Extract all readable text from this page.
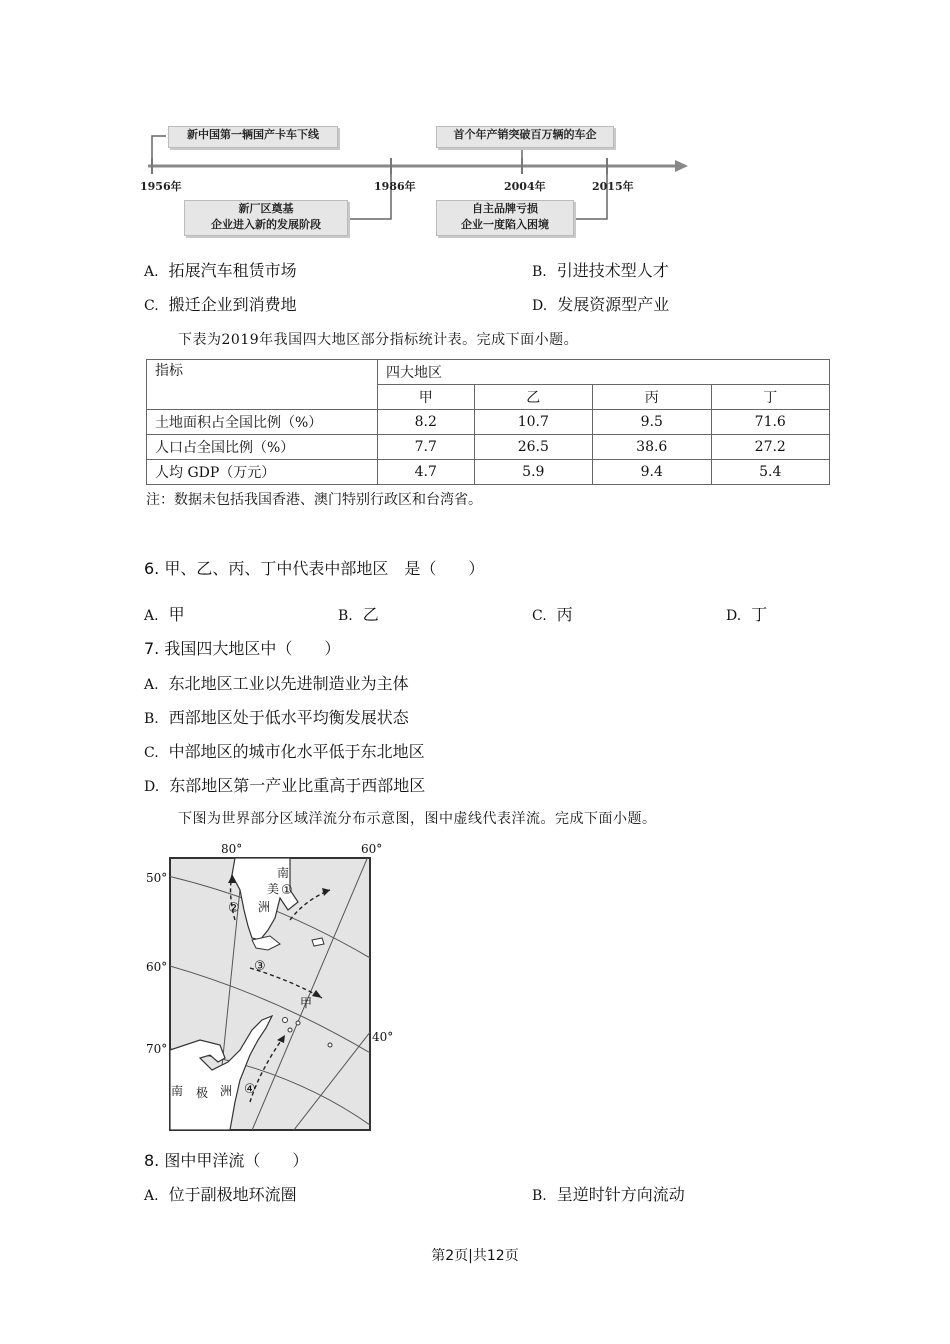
新中国第一辆国产卡车下线
新厂区奠基
企业进入新的发展阶段
首个年产销突破百万辆的车企
自主品牌亏损
企业一度陷入困境
1956年	1986年	2004年	2015年
A. 拓展汽车租赁市场	B. 引进技术型人才
C. 搬迁企业到消费地	D. 发展资源型产业
下表为2019年我国四大地区部分指标统计表。完成下面小题。
指标	四大地区			
	甲	乙	丙	丁
土地面积占全国比例（%）	8.2	10.7	9.5	71.6
人口占全国比例（%）	7.7	26.5	38.6	27.2
人均 GDP（万元）	4.7	5.9	9.4	5.4
注：数据未包括我国香港、澳门特别行政区和台湾省。
6. 甲、乙、丙、丁中代表中部地区　是（　　）
A. 甲	B. 乙	C. 丙	D. 丁
7. 我国四大地区中（　　）
A. 东北地区工业以先进制造业为主体
B. 西部地区处于低水平均衡发展状态
C. 中部地区的城市化水平低于东北地区
D. 东部地区第一产业比重高于西部地区
下图为世界部分区域洋流分布示意图，图中虚线代表洋流。完成下面小题。
80°	60°
40°
50°
60°
70°
南
美
洲
南 极 洲
甲
①
②
③
④
8. 图中甲洋流（　　）
A. 位于副极地环流圈	B. 呈逆时针方向流动
第2页|共12页
